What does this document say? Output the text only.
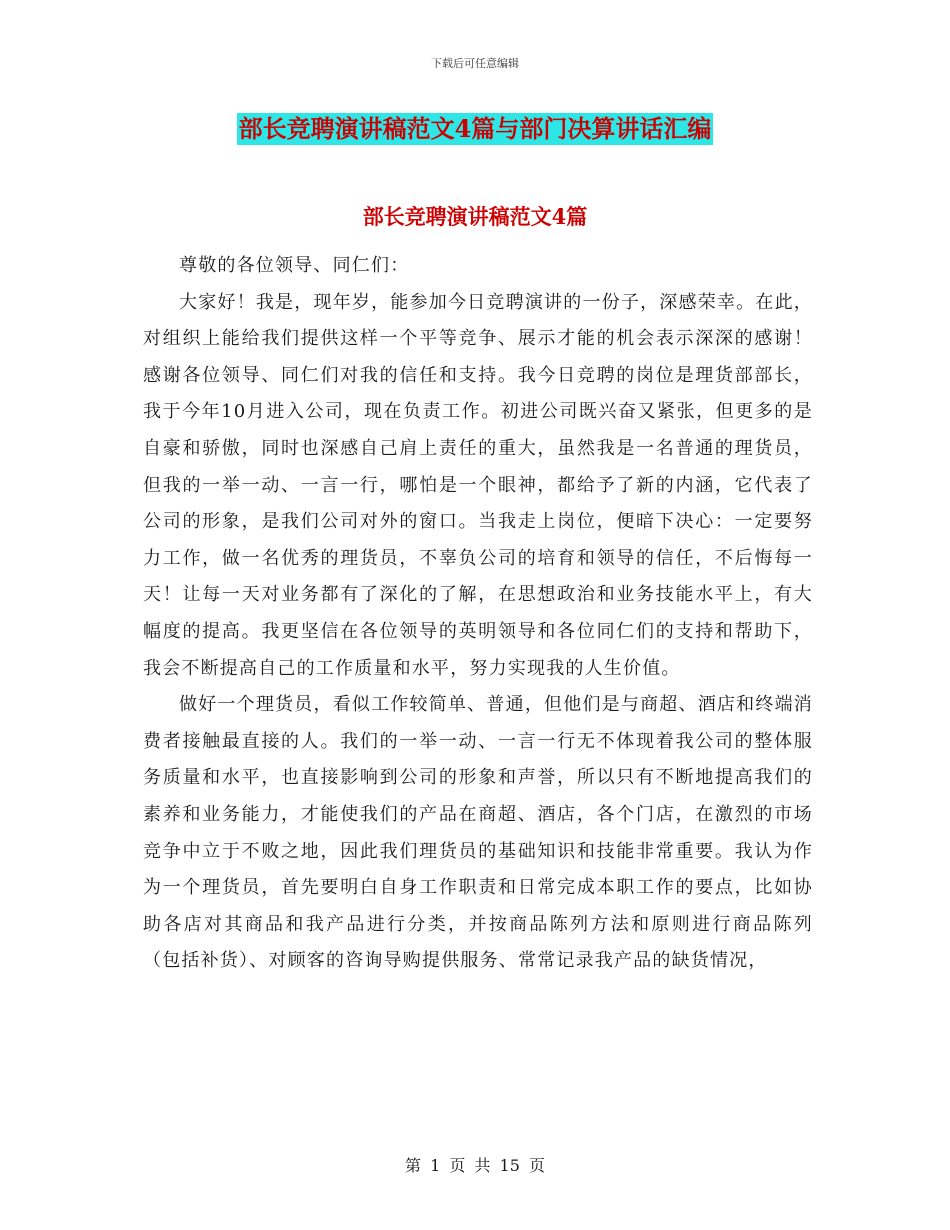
下载后可任意编辑
部长竞聘演讲稿范文4篇与部门决算讲话汇编
部长竞聘演讲稿范文4篇

尊敬的各位领导、同仁们：

大家好！我是，现年岁，能参加今日竞聘演讲的一份子，深感荣幸。在此，对组织上能给我们提供这样一个平等竞争、展示才能的机会表示深深的感谢！感谢各位领导、同仁们对我的信任和支持。我今日竞聘的岗位是理货部部长，我于今年10月进入公司，现在负责工作。初进公司既兴奋又紧张，但更多的是自豪和骄傲，同时也深感自己肩上责任的重大，虽然我是一名普通的理货员，但我的一举一动、一言一行，哪怕是一个眼神，都给予了新的内涵，它代表了公司的形象，是我们公司对外的窗口。当我走上岗位，便暗下决心：一定要努力工作，做一名优秀的理货员，不辜负公司的培育和领导的信任，不后悔每一天！让每一天对业务都有了深化的了解，在思想政治和业务技能水平上，有大幅度的提高。我更坚信在各位领导的英明领导和各位同仁们的支持和帮助下，我会不断提高自己的工作质量和水平，努力实现我的人生价值。

做好一个理货员，看似工作较简单、普通，但他们是与商超、酒店和终端消费者接触最直接的人。我们的一举一动、一言一行无不体现着我公司的整体服务质量和水平，也直接影响到公司的形象和声誉，所以只有不断地提高我们的素养和业务能力，才能使我们的产品在商超、酒店，各个门店，在激烈的市场竞争中立于不败之地，因此我们理货员的基础知识和技能非常重要。我认为作为一个理货员，首先要明白自身工作职责和日常完成本职工作的要点，比如协助各店对其商品和我产品进行分类，并按商品陈列方法和原则进行商品陈列（包括补货）、对顾客的咨询导购提供服务、常常记录我产品的缺货情况，

第 1 页 共 15 页
